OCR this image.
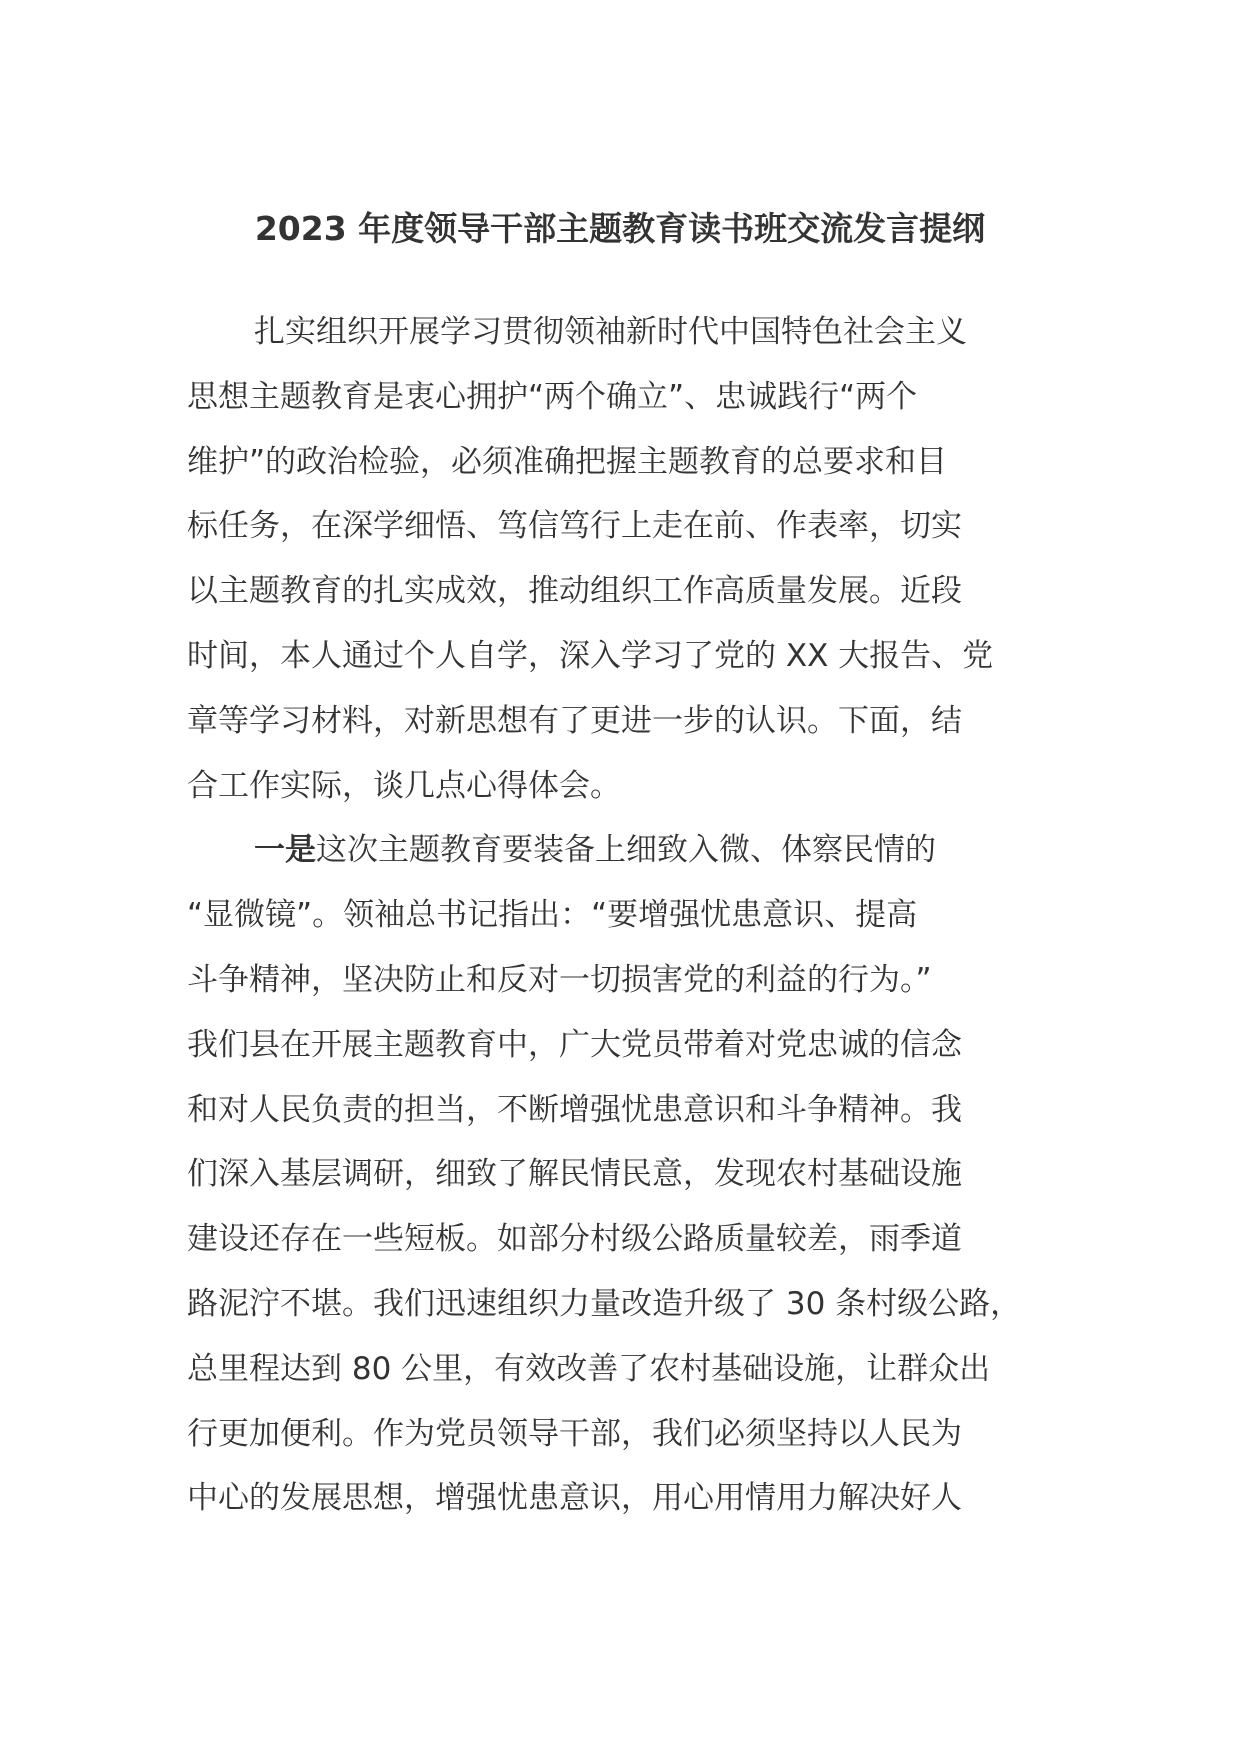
2023 年度领导干部主题教育读书班交流发言提纲
扎实组织开展学习贯彻领袖新时代中国特色社会主义
思想主题教育是衷心拥护“两个确立”、忠诚践行“两个
维护”的政治检验，必须准确把握主题教育的总要求和目
标任务，在深学细悟、笃信笃行上走在前、作表率，切实
以主题教育的扎实成效，推动组织工作高质量发展。近段
时间，本人通过个人自学，深入学习了党的 XX 大报告、党
章等学习材料，对新思想有了更进一步的认识。下面，结
合工作实际，谈几点心得体会。
一是这次主题教育要装备上细致入微、体察民情的
“显微镜”。领袖总书记指出：“要增强忧患意识、提高
斗争精神，坚决防止和反对一切损害党的利益的行为。”
我们县在开展主题教育中，广大党员带着对党忠诚的信念
和对人民负责的担当，不断增强忧患意识和斗争精神。我
们深入基层调研，细致了解民情民意，发现农村基础设施
建设还存在一些短板。如部分村级公路质量较差，雨季道
路泥泞不堪。我们迅速组织力量改造升级了 30 条村级公路，
总里程达到 80 公里，有效改善了农村基础设施，让群众出
行更加便利。作为党员领导干部，我们必须坚持以人民为
中心的发展思想，增强忧患意识，用心用情用力解决好人
